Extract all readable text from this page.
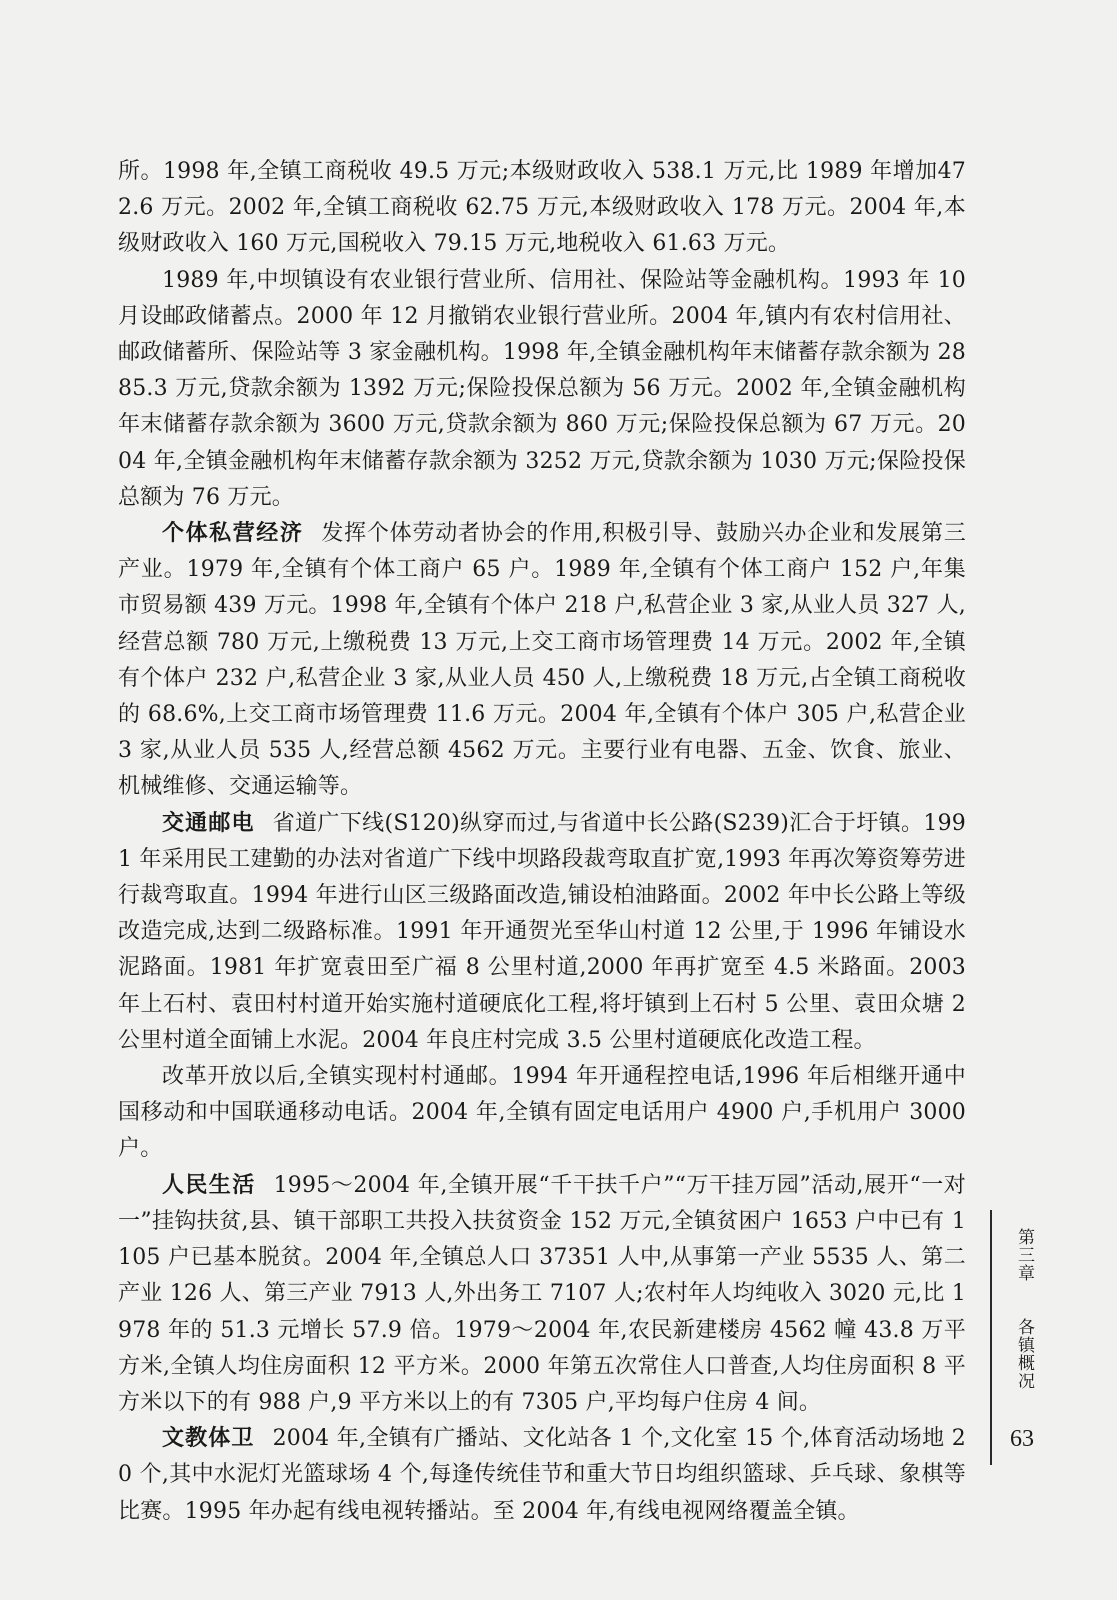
所。1998 年,全镇工商税收 49.5 万元;本级财政收入 538.1 万元,比 1989 年增加472.6 万元。2002 年,全镇工商税收 62.75 万元,本级财政收入 178 万元。2004 年,本级财政收入 160 万元,国税收入 79.15 万元,地税收入 61.63 万元。

1989 年,中坝镇设有农业银行营业所、信用社、保险站等金融机构。1993 年 10 月设邮政储蓄点。2000 年 12 月撤销农业银行营业所。2004 年,镇内有农村信用社、邮政储蓄所、保险站等 3 家金融机构。1998 年,全镇金融机构年末储蓄存款余额为 2885.3 万元,贷款余额为 1392 万元;保险投保总额为 56 万元。2002 年,全镇金融机构年末储蓄存款余额为 3600 万元,贷款余额为 860 万元;保险投保总额为 67 万元。2004 年,全镇金融机构年末储蓄存款余额为 3252 万元,贷款余额为 1030 万元;保险投保总额为 76 万元。

个体私营经济 发挥个体劳动者协会的作用,积极引导、鼓励兴办企业和发展第三产业。1979 年,全镇有个体工商户 65 户。1989 年,全镇有个体工商户 152 户,年集市贸易额 439 万元。1998 年,全镇有个体户 218 户,私营企业 3 家,从业人员 327 人,经营总额 780 万元,上缴税费 13 万元,上交工商市场管理费 14 万元。2002 年,全镇有个体户 232 户,私营企业 3 家,从业人员 450 人,上缴税费 18 万元,占全镇工商税收的 68.6%,上交工商市场管理费 11.6 万元。2004 年,全镇有个体户 305 户,私营企业 3 家,从业人员 535 人,经营总额 4562 万元。主要行业有电器、五金、饮食、旅业、机械维修、交通运输等。

交通邮电 省道广下线(S120)纵穿而过,与省道中长公路(S239)汇合于圩镇。1991 年采用民工建勤的办法对省道广下线中坝路段裁弯取直扩宽,1993 年再次筹资筹劳进行裁弯取直。1994 年进行山区三级路面改造,铺设柏油路面。2002 年中长公路上等级改造完成,达到二级路标准。1991 年开通贺光至华山村道 12 公里,于 1996 年铺设水泥路面。1981 年扩宽袁田至广福 8 公里村道,2000 年再扩宽至 4.5 米路面。2003 年上石村、袁田村村道开始实施村道硬底化工程,将圩镇到上石村 5 公里、袁田众塘 2 公里村道全面铺上水泥。2004 年良庄村完成 3.5 公里村道硬底化改造工程。

改革开放以后,全镇实现村村通邮。1994 年开通程控电话,1996 年后相继开通中国移动和中国联通移动电话。2004 年,全镇有固定电话用户 4900 户,手机用户 3000 户。

人民生活 1995～2004 年,全镇开展“千干扶千户”“万干挂万园”活动,展开“一对一”挂钩扶贫,县、镇干部职工共投入扶贫资金 152 万元,全镇贫困户 1653 户中已有 1105 户已基本脱贫。2004 年,全镇总人口 37351 人中,从事第一产业 5535 人、第二产业 126 人、第三产业 7913 人,外出务工 7107 人;农村年人均纯收入 3020 元,比 1978 年的 51.3 元增长 57.9 倍。1979～2004 年,农民新建楼房 4562 幢 43.8 万平方米,全镇人均住房面积 12 平方米。2000 年第五次常住人口普查,人均住房面积 8 平方米以下的有 988 户,9 平方米以上的有 7305 户,平均每户住房 4 间。

文教体卫 2004 年,全镇有广播站、文化站各 1 个,文化室 15 个,体育活动场地 20 个,其中水泥灯光篮球场 4 个,每逢传统佳节和重大节日均组织篮球、乒乓球、象棋等比赛。1995 年办起有线电视转播站。至 2004 年,有线电视网络覆盖全镇。

第三章
各镇概况
63
